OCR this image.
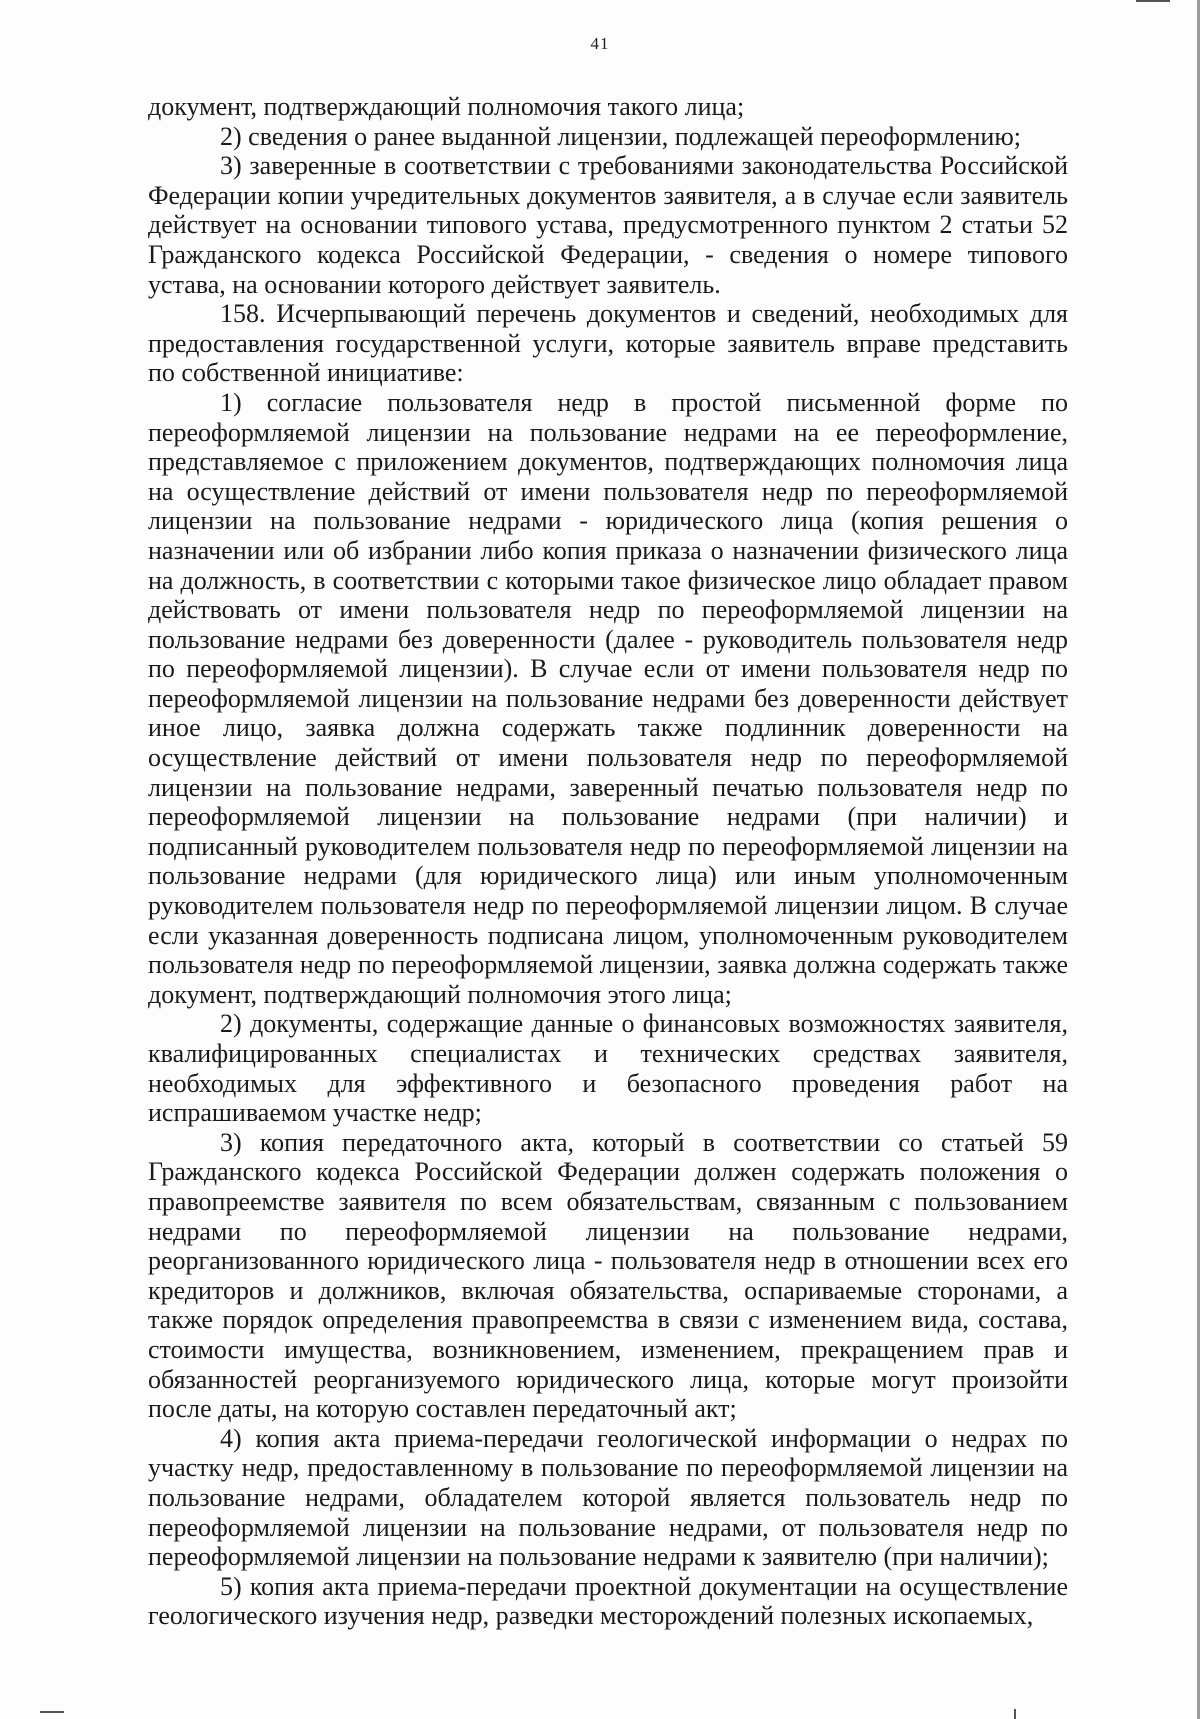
41

документ, подтверждающий полномочия такого лица;

2) сведения о ранее выданной лицензии, подлежащей переоформлению;

3) заверенные в соответствии с требованиями законодательства Российской Федерации копии учредительных документов заявителя, а в случае если заявитель действует на основании типового устава, предусмотренного пунктом 2 статьи 52 Гражданского кодекса Российской Федерации, - сведения о номере типового устава, на основании которого действует заявитель.

158. Исчерпывающий перечень документов и сведений, необходимых для предоставления государственной услуги, которые заявитель вправе представить по собственной инициативе:

1) согласие пользователя недр в простой письменной форме по переоформляемой лицензии на пользование недрами на ее переоформление, представляемое с приложением документов, подтверждающих полномочия лица на осуществление действий от имени пользователя недр по переоформляемой лицензии на пользование недрами - юридического лица (копия решения о назначении или об избрании либо копия приказа о назначении физического лица на должность, в соответствии с которыми такое физическое лицо обладает правом действовать от имени пользователя недр по переоформляемой лицензии на пользование недрами без доверенности (далее - руководитель пользователя недр по переоформляемой лицензии). В случае если от имени пользователя недр по переоформляемой лицензии на пользование недрами без доверенности действует иное лицо, заявка должна содержать также подлинник доверенности на осуществление действий от имени пользователя недр по переоформляемой лицензии на пользование недрами, заверенный печатью пользователя недр по переоформляемой лицензии на пользование недрами (при наличии) и подписанный руководителем пользователя недр по переоформляемой лицензии на пользование недрами (для юридического лица) или иным уполномоченным руководителем пользователя недр по переоформляемой лицензии лицом. В случае если указанная доверенность подписана лицом, уполномоченным руководителем пользователя недр по переоформляемой лицензии, заявка должна содержать также документ, подтверждающий полномочия этого лица;

2) документы, содержащие данные о финансовых возможностях заявителя, квалифицированных специалистах и технических средствах заявителя, необходимых для эффективного и безопасного проведения работ на испрашиваемом участке недр;

3) копия передаточного акта, который в соответствии со статьей 59 Гражданского кодекса Российской Федерации должен содержать положения о правопреемстве заявителя по всем обязательствам, связанным с пользованием недрами по переоформляемой лицензии на пользование недрами, реорганизованного юридического лица - пользователя недр в отношении всех его кредиторов и должников, включая обязательства, оспариваемые сторонами, а также порядок определения правопреемства в связи с изменением вида, состава, стоимости имущества, возникновением, изменением, прекращением прав и обязанностей реорганизуемого юридического лица, которые могут произойти после даты, на которую составлен передаточный акт;

4) копия акта приема-передачи геологической информации о недрах по участку недр, предоставленному в пользование по переоформляемой лицензии на пользование недрами, обладателем которой является пользователь недр по переоформляемой лицензии на пользование недрами, от пользователя недр по переоформляемой лицензии на пользование недрами к заявителю (при наличии);

5) копия акта приема-передачи проектной документации на осуществление геологического изучения недр, разведки месторождений полезных ископаемых,
